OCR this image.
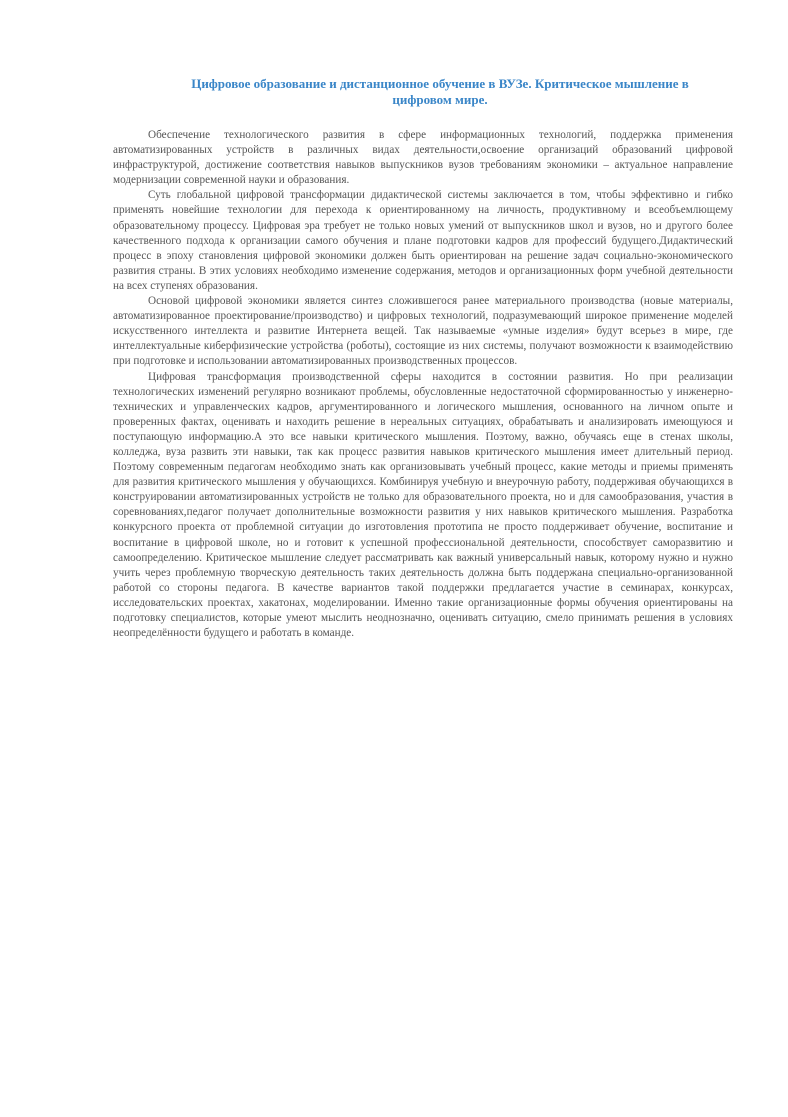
Цифровое образование и дистанционное обучение в ВУЗе. Критическое мышление в цифровом мире.

Обеспечение технологического развития в сфере информационных технологий, поддержка применения автоматизированных устройств в различных видах деятельности,освоение организаций образований цифровой инфраструктурой, достижение соответствия навыков выпускников вузов требованиям экономики – актуальное направление модернизации современной науки и образования.

Суть глобальной цифровой трансформации дидактической системы заключается в том, чтобы эффективно и гибко применять новейшие технологии для перехода к ориентированному на личность, продуктивному и всеобъемлющему образовательному процессу. Цифровая эра требует не только новых умений от выпускников школ и вузов, но и другого более качественного подхода к организации самого обучения и плане подготовки кадров для профессий будущего.Дидактический процесс в эпоху становления цифровой экономики должен быть ориентирован на решение задач социально-экономического развития страны. В этих условиях необходимо изменение содержания, методов и организационных форм учебной деятельности на всех ступенях образования.

Основой цифровой экономики является синтез сложившегося ранее материального производства (новые материалы, автоматизированное проектирование/производство) и цифровых технологий, подразумевающий широкое применение моделей искусственного интеллекта и развитие Интернета вещей. Так называемые «умные изделия» будут всерьез в мире, где интеллектуальные киберфизические устройства (роботы), состоящие из них системы, получают возможности к взаимодействию при подготовке и использовании автоматизированных производственных процессов.

Цифровая трансформация производственной сферы находится в состоянии развития. Но при реализации технологических изменений регулярно возникают проблемы, обусловленные недостаточной сформированностью у инженерно-технических и управленческих кадров, аргументированного и логического мышления, основанного на личном опыте и проверенных фактах, оценивать и находить решение в нереальных ситуациях, обрабатывать и анализировать имеющуюся и поступающую информацию.А это все навыки критического мышления. Поэтому, важно, обучаясь еще в стенах школы, колледжа, вуза развить эти навыки, так как процесс развития навыков критического мышления имеет длительный период. Поэтому современным педагогам необходимо знать как организовывать учебный процесс, какие методы и приемы применять для развития критического мышления у обучающихся. Комбинируя учебную и внеурочную работу, поддерживая обучающихся в конструировании автоматизированных устройств не только для образовательного проекта, но и для самообразования, участия в соревнованиях,педагог получает дополнительные возможности развития у них навыков критического мышления. Разработка конкурсного проекта от проблемной ситуации до изготовления прототипа не просто поддерживает обучение, воспитание и воспитание в цифровой школе, но и готовит к успешной профессиональной деятельности, способствует саморазвитию и самоопределению. Критическое мышление следует рассматривать как важный универсальный навык, которому нужно и нужно учить через проблемную творческую деятельность таких деятельность должна быть поддержана специально-организованной работой со стороны педагога. В качестве вариантов такой поддержки предлагается участие в семинарах, конкурсах, исследовательских проектах, хакатонах, моделировании. Именно такие организационные формы обучения ориентированы на подготовку специалистов, которые умеют мыслить неоднозначно, оценивать ситуацию, смело принимать решения в условиях неопределённости будущего и работать в команде.
